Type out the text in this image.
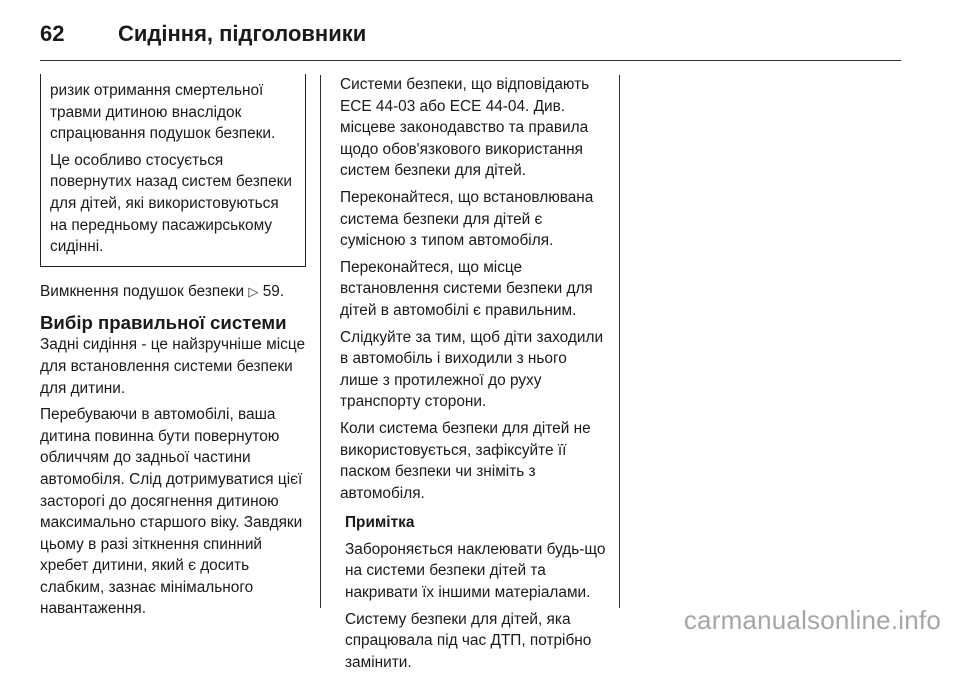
62	Сидіння, підголовники

ризик отримання смертельної травми дитиною внаслідок спрацювання подушок безпеки.

Це особливо стосується повернутих назад систем безпеки для дітей, які використовуються на передньому пасажирському сидінні.

Вимкнення подушок безпеки ▷ 59.

Вибір правильної системи

Задні сидіння - це найзручніше місце для встановлення системи безпеки для дитини.

Перебуваючи в автомобілі, ваша дитина повинна бути повернутою обличчям до задньої частини автомобіля. Слід дотримуватися цієї засторогі до досягнення дитиною максимально старшого віку. Завдяки цьому в разі зіткнення спинний хребет дитини, який є досить слабким, зазнає мінімального навантаження.

Системи безпеки, що відповідають ЕСЕ 44-03 або ЕСЕ 44-04. Див. місцеве законодавство та правила щодо обов'язкового використання систем безпеки для дітей.

Переконайтеся, що встановлювана система безпеки для дітей є сумісною з типом автомобіля.

Переконайтеся, що місце встановлення системи безпеки для дітей в автомобілі є правильним.

Слідкуйте за тим, щоб діти заходили в автомобіль і виходили з нього лише з протилежної до руху транспорту сторони.

Коли система безпеки для дітей не використовується, зафіксуйте її паском безпеки чи зніміть з автомобіля.

Примітка

Забороняється наклеювати будь-що на системи безпеки дітей та накривати їх іншими матеріалами.

Систему безпеки для дітей, яка спрацювала під час ДТП, потрібно замінити.

carmanualsonline.info
